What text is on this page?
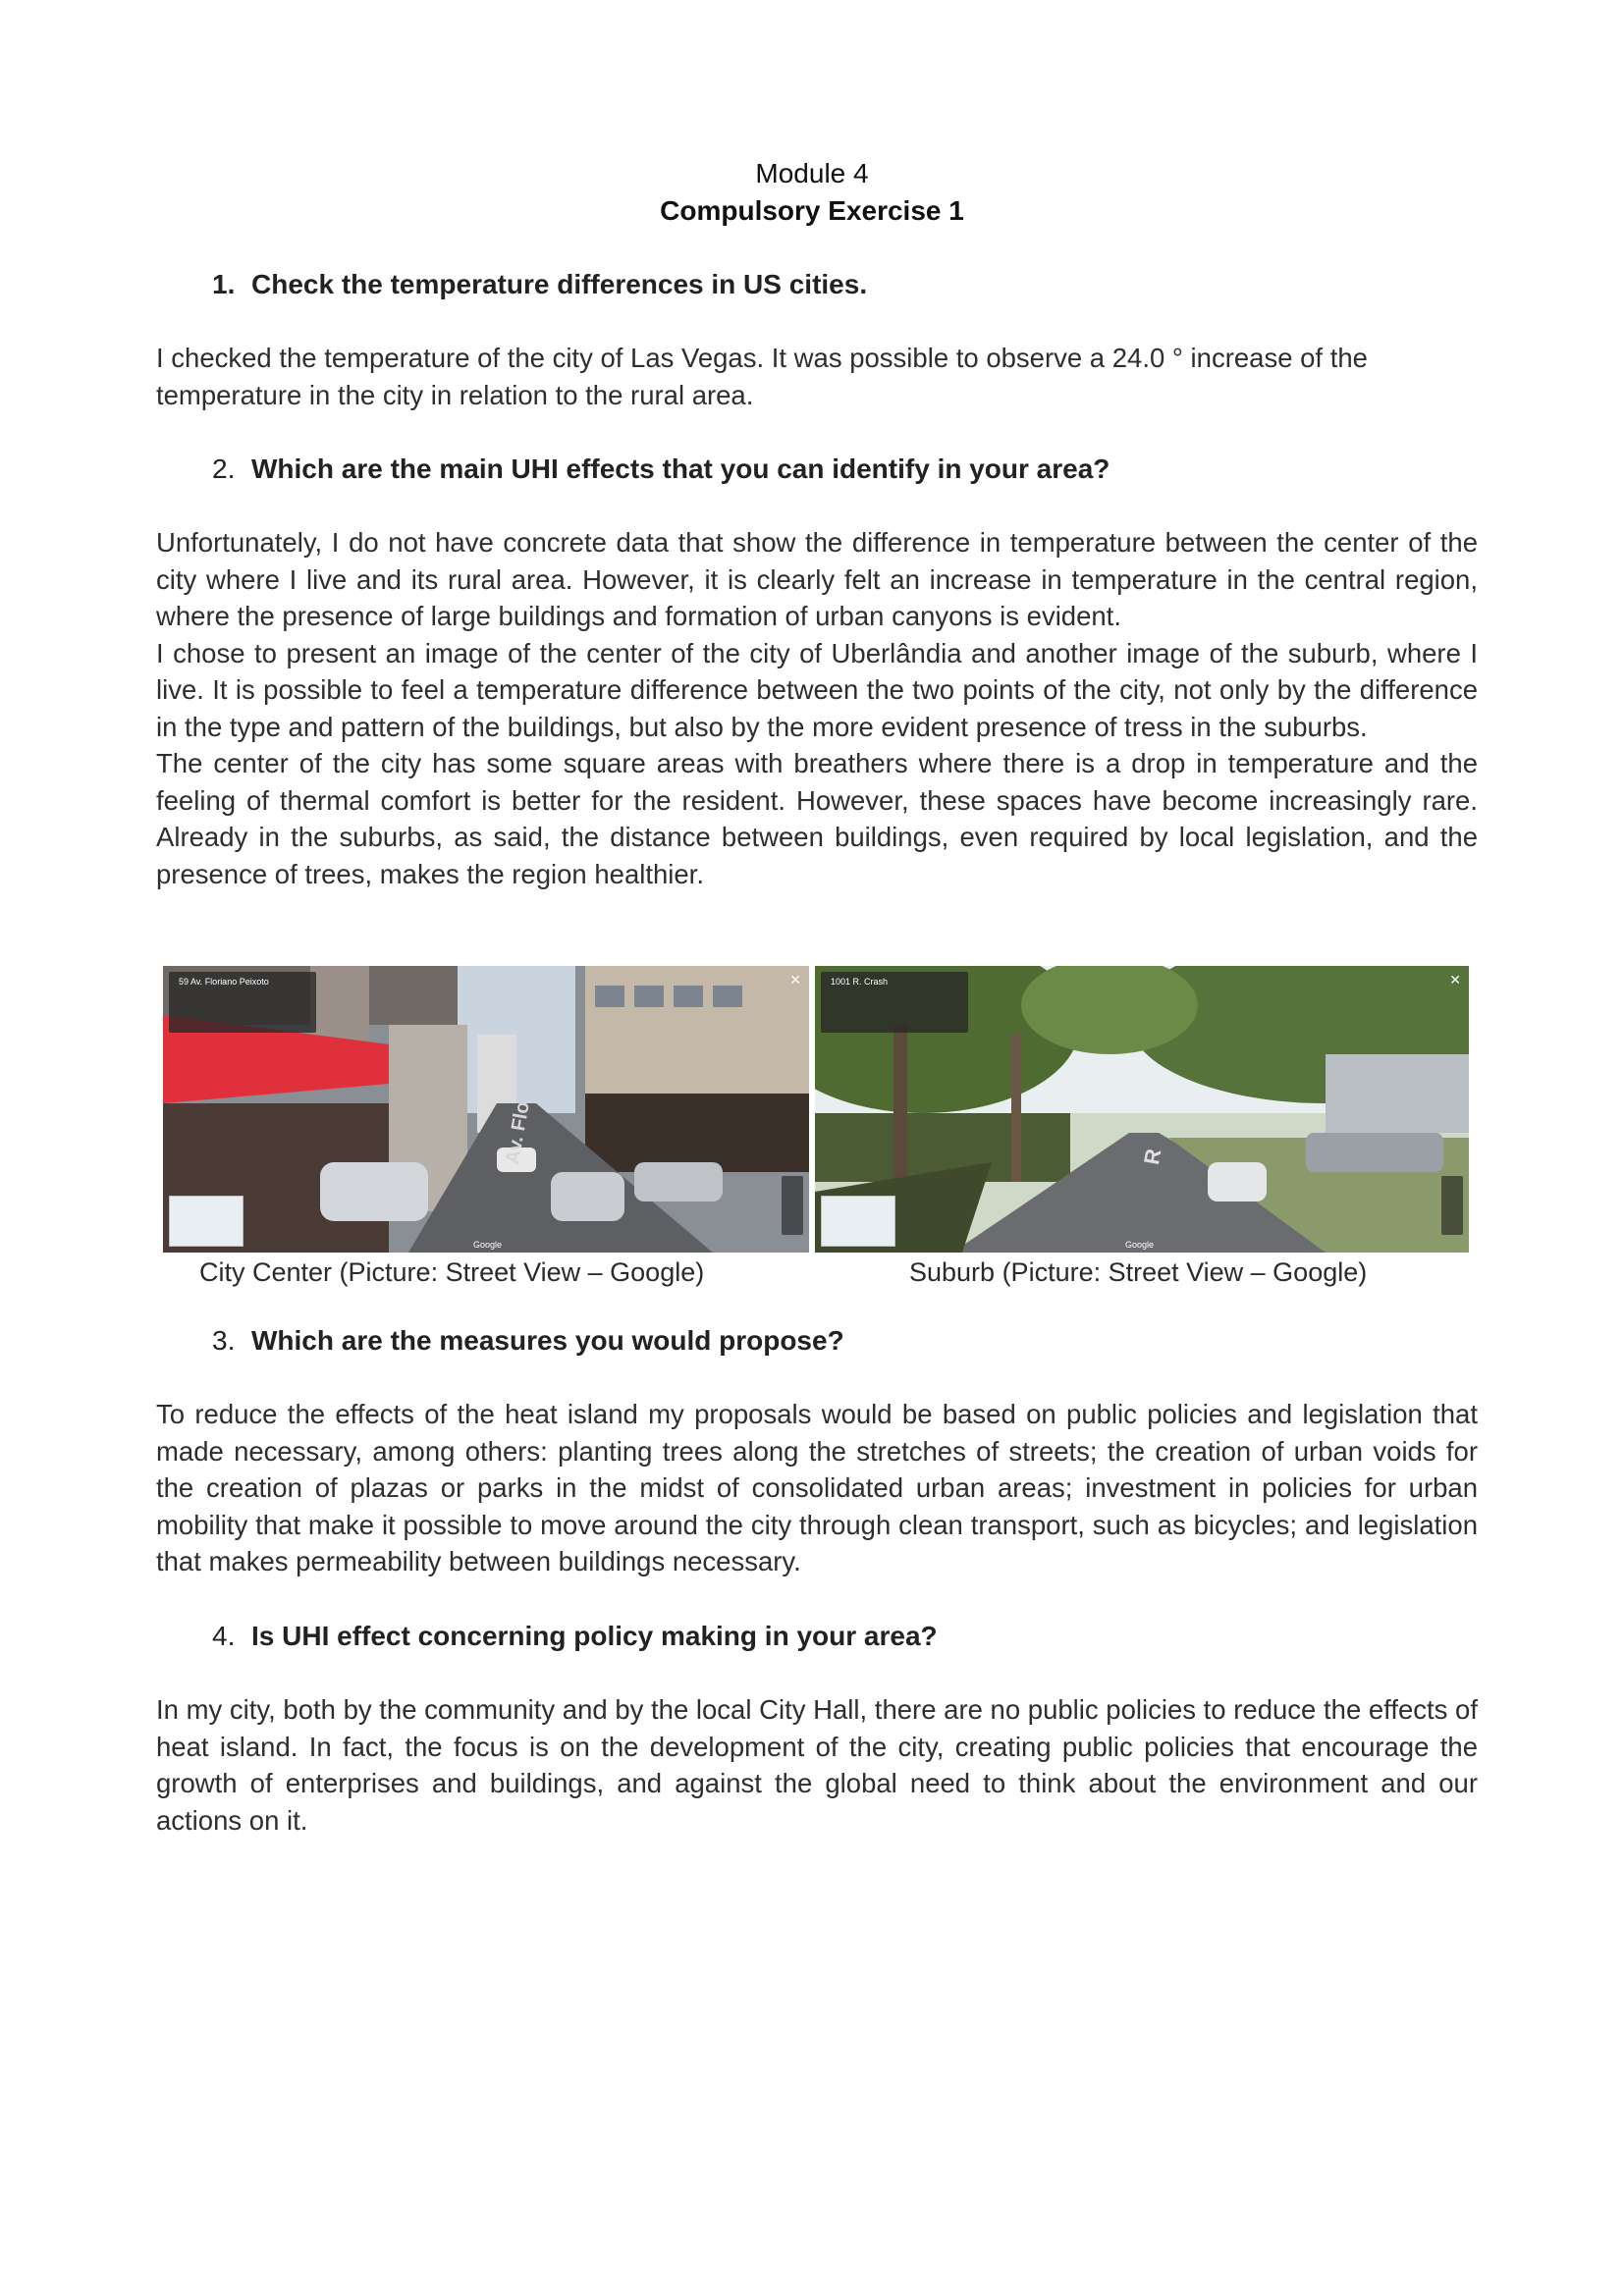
Module 4
Compulsory Exercise 1
1. Check the temperature differences in US cities.

I checked the temperature of the city of Las Vegas. It was possible to observe a 24.0 ° increase of the temperature in the city in relation to the rural area.

2. Which are the main UHI effects that you can identify in your area?

Unfortunately, I do not have concrete data that show the difference in temperature between the center of the city where I live and its rural area. However, it is clearly felt an increase in temperature in the central region, where the presence of large buildings and formation of urban canyons is evident.

I chose to present an image of the center of the city of Uberlândia and another image of the suburb, where I live. It is possible to feel a temperature difference between the two points of the city, not only by the difference in the type and pattern of the buildings, but also by the more evident presence of tress in the suburbs.

The center of the city has some square areas with breathers where there is a drop in temperature and the feeling of thermal comfort is better for the resident. However, these spaces have become increasingly rare. Already in the suburbs, as said, the distance between buildings, even required by local legislation, and the presence of trees, makes the region healthier.

59 Av. Floriano Peixoto
Google
✕
Av. Flo
1001 R. Crash
Google
✕
R
City Center (Picture: Street View – Google)	Suburb (Picture: Street View – Google)
3. Which are the measures you would propose?

To reduce the effects of the heat island my proposals would be based on public policies and legislation that made necessary, among others: planting trees along the stretches of streets; the creation of urban voids for the creation of plazas or parks in the midst of consolidated urban areas; investment in policies for urban mobility that make it possible to move around the city through clean transport, such as bicycles; and legislation that makes permeability between buildings necessary.

4. Is UHI effect concerning policy making in your area?

In my city, both by the community and by the local City Hall, there are no public policies to reduce the effects of heat island. In fact, the focus is on the development of the city, creating public policies that encourage the growth of enterprises and buildings, and against the global need to think about the environment and our actions on it.
